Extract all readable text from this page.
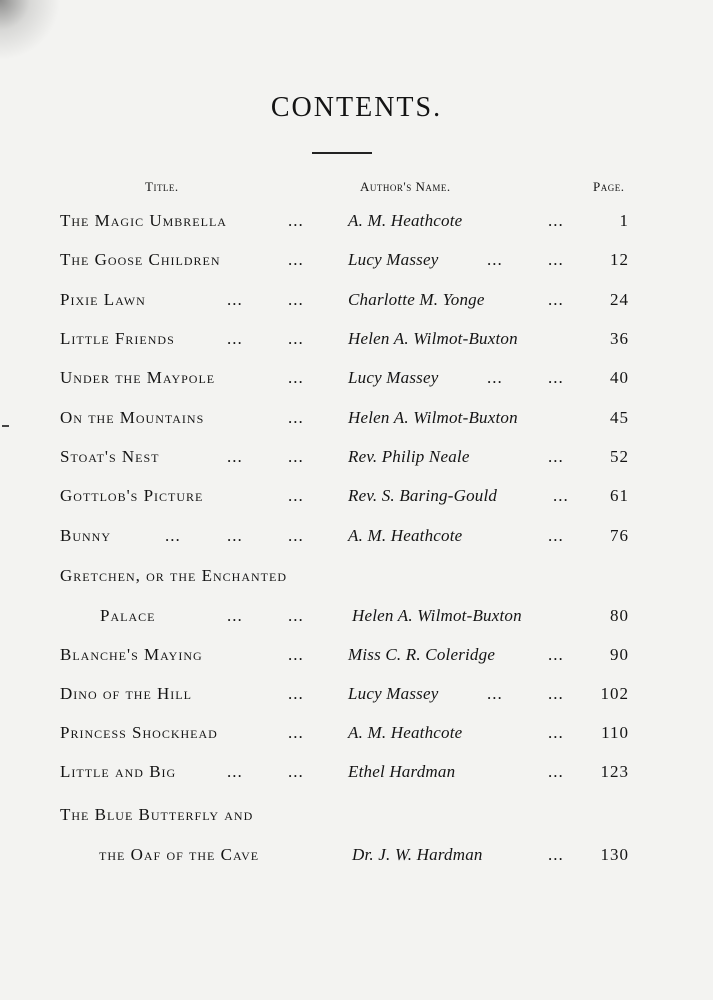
CONTENTS.
Title.	Author's Name.	Page.
The Magic Umbrella	...	A. M. Heathcote	...	1
The Goose Children	...	Lucy Massey	...	...	12
Pixie Lawn	...	...	Charlotte M. Yonge	...	24
Little Friends	...	...	Helen A. Wilmot-Buxton	36
Under the Maypole	...	Lucy Massey	...	...	40
On the Mountains	...	Helen A. Wilmot-Buxton	45
Stoat's Nest	...	...	Rev. Philip Neale	...	52
Gottlob's Picture	...	Rev. S. Baring-Gould	... 61
Bunny	...	...	...	A. M. Heathcote	...	76
Gretchen, or the Enchanted
Palace	...	...	Helen A. Wilmot-Buxton	80
Blanche's Maying	...	Miss C. R. Coleridge	...	90
Dino of the Hill	...	Lucy Massey	...	... 102
Princess Shockhead	...	A. M. Heathcote	... 110
Little and Big	...	...	Ethel Hardman	... 123
The Blue Butterfly and
the Oaf of the Cave	Dr. J. W. Hardman	... 130
